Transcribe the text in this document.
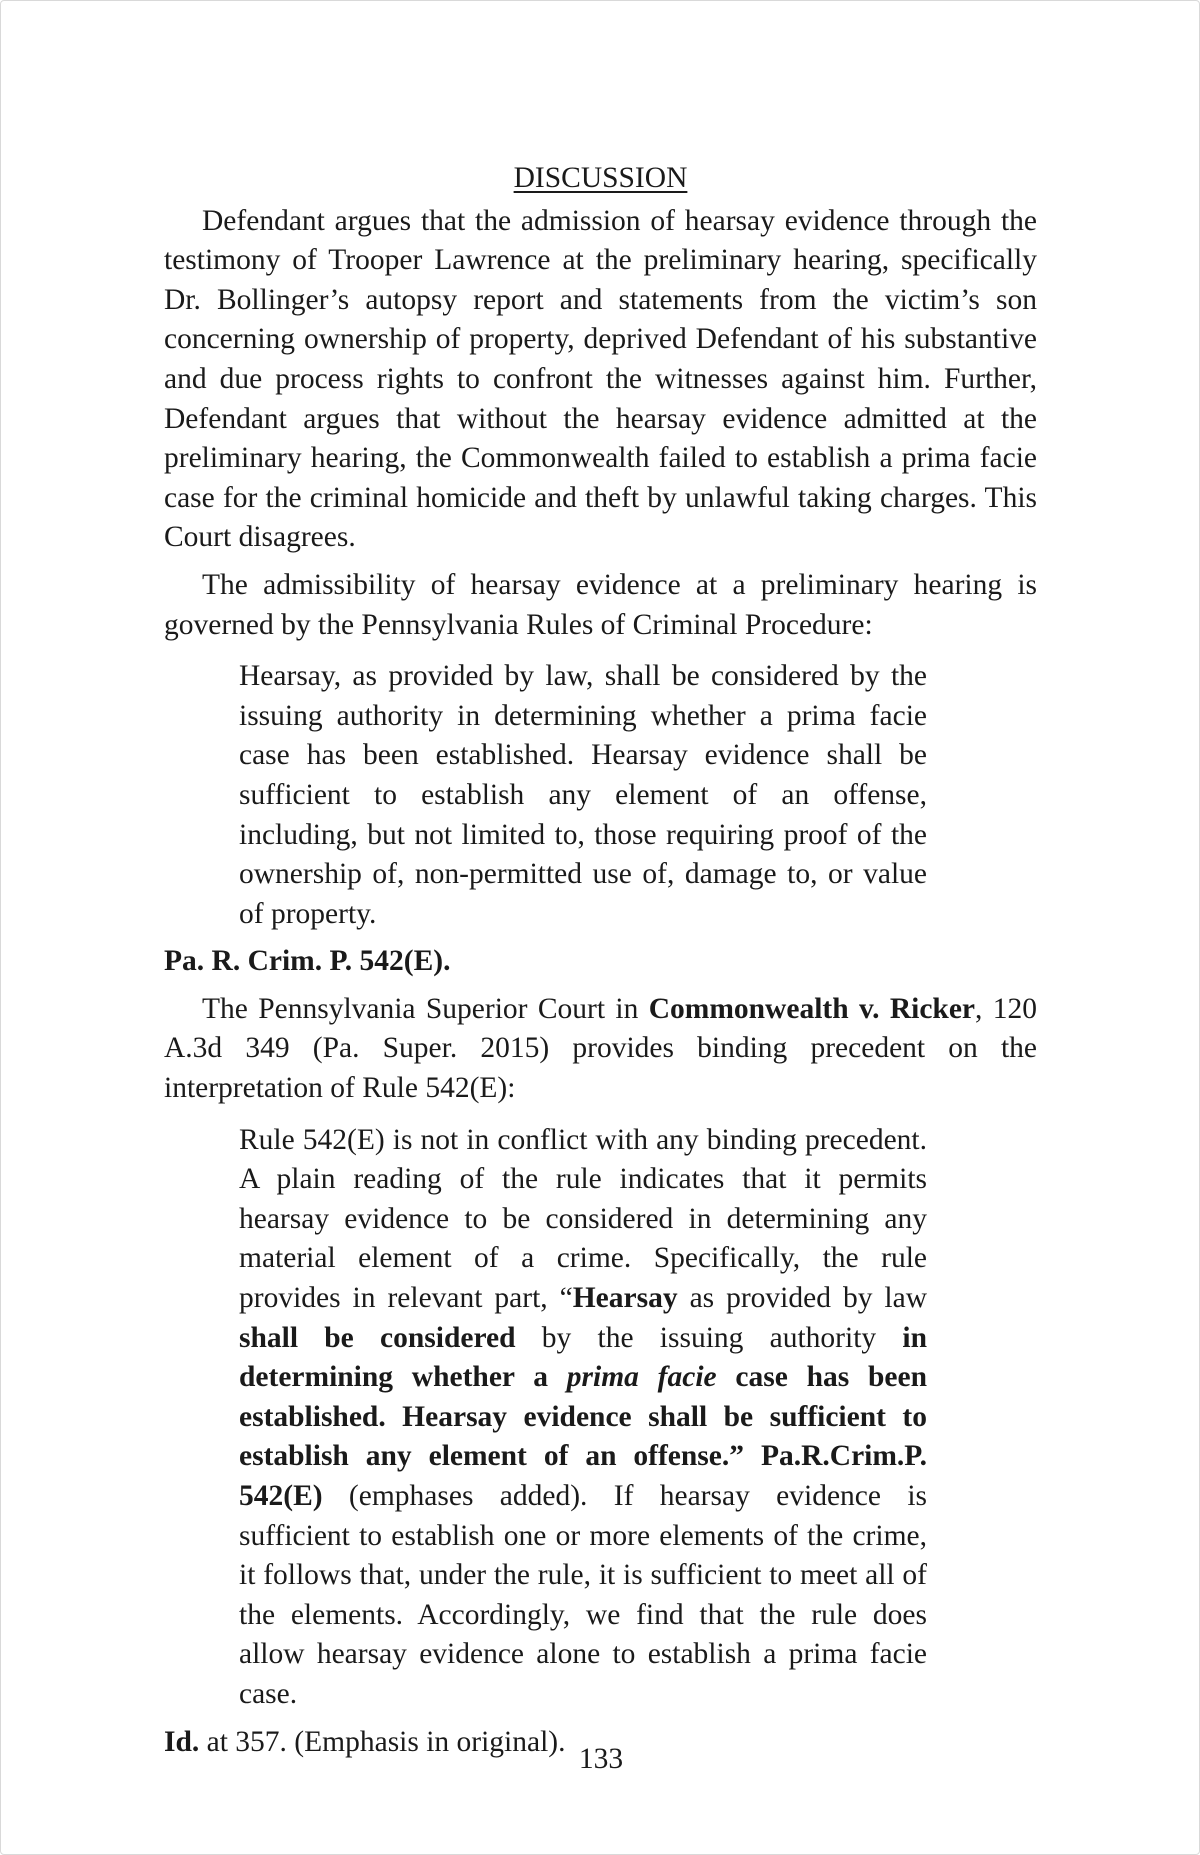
DISCUSSION

Defendant argues that the admission of hearsay evidence through the testimony of Trooper Lawrence at the preliminary hearing, specifically Dr. Bollinger’s autopsy report and statements from the victim’s son concerning ownership of property, deprived Defendant of his substantive and due process rights to confront the witnesses against him. Further, Defendant argues that without the hearsay evidence admitted at the preliminary hearing, the Commonwealth failed to establish a prima facie case for the criminal homicide and theft by unlawful taking charges. This Court disagrees.

The admissibility of hearsay evidence at a preliminary hearing is governed by the Pennsylvania Rules of Criminal Procedure:

Hearsay, as provided by law, shall be considered by the issuing authority in determining whether a prima facie case has been established. Hearsay evidence shall be sufficient to establish any element of an offense, including, but not limited to, those requiring proof of the ownership of, non-permitted use of, damage to, or value of property.

Pa. R. Crim. P. 542(E).

The Pennsylvania Superior Court in Commonwealth v. Ricker, 120 A.3d 349 (Pa. Super. 2015) provides binding precedent on the interpretation of Rule 542(E):

Rule 542(E) is not in conflict with any binding precedent. A plain reading of the rule indicates that it permits hearsay evidence to be considered in determining any material element of a crime. Specifically, the rule provides in relevant part, “Hearsay as provided by law shall be considered by the issuing authority in determining whether a prima facie case has been established. Hearsay evidence shall be sufficient to establish any element of an offense.” Pa.R.Crim.P. 542(E) (emphases added). If hearsay evidence is sufficient to establish one or more elements of the crime, it follows that, under the rule, it is sufficient to meet all of the elements. Accordingly, we find that the rule does allow hearsay evidence alone to establish a prima facie case.

Id. at 357. (Emphasis in original).

133
